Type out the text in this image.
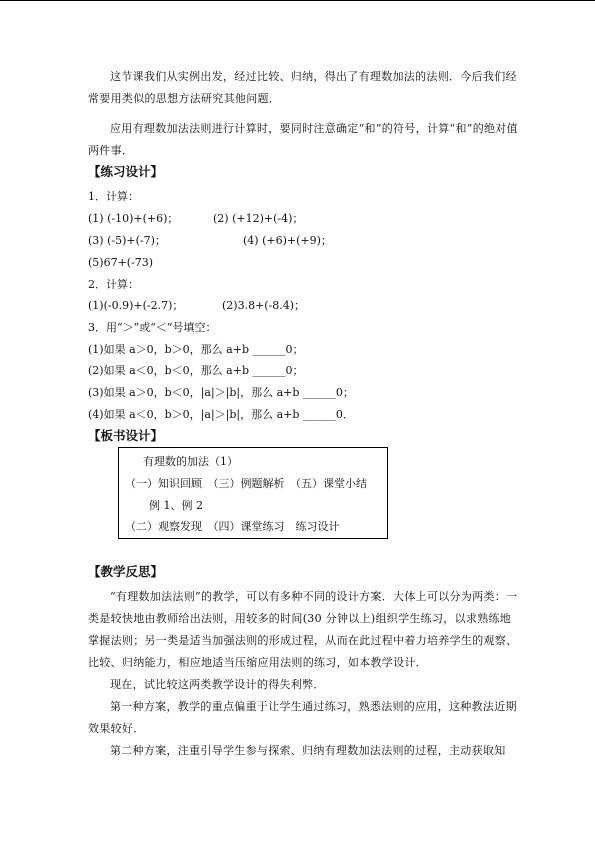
这节课我们从实例出发，经过比较、归纳，得出了有理数加法的法则．今后我们经常要用类似的思想方法研究其他问题．
应用有理数加法法则进行计算时，要同时注意确定“和”的符号，计算“和”的绝对值两件事．
【练习设计】
1．计算：
(1) (-10)+(+6)；	(2) (+12)+(-4)；
(3) (-5)+(-7)；	(4) (+6)+(+9)；
(5)67+(-73)
2．计算：
(1)(-0.9)+(-2.7)；	(2)3.8+(-8.4)；
3．用“＞”或“＜”号填空：
(1)如果 a＞0，b＞0，那么 a+b ______0；
(2)如果 a＜0，b＜0，那么 a+b ______0；
(3)如果 a＞0，b＜0，|a|＞|b|，那么 a+b ______0；
(4)如果 a＜0，b＞0，|a|＞|b|，那么 a+b ______0．
【板书设计】
有理数的加法（1）
（一）知识回顾　（三）例题解析　（五）课堂小结
例 1、例 2
（二）观察发现　（四）课堂练习　练习设计
【教学反思】
“有理数加法法则”的教学，可以有多种不同的设计方案．大体上可以分为两类：一类是较快地由教师给出法则，用较多的时间(30 分钟以上)组织学生练习，以求熟练地掌握法则；另一类是适当加强法则的形成过程，从而在此过程中着力培养学生的观察、比较、归纳能力，相应地适当压缩应用法则的练习，如本教学设计．
现在，试比较这两类教学设计的得失利弊．
第一种方案，教学的重点偏重于让学生通过练习，熟悉法则的应用，这种教法近期效果较好．
第二种方案，注重引导学生参与探索、归纳有理数加法法则的过程，主动获取知
